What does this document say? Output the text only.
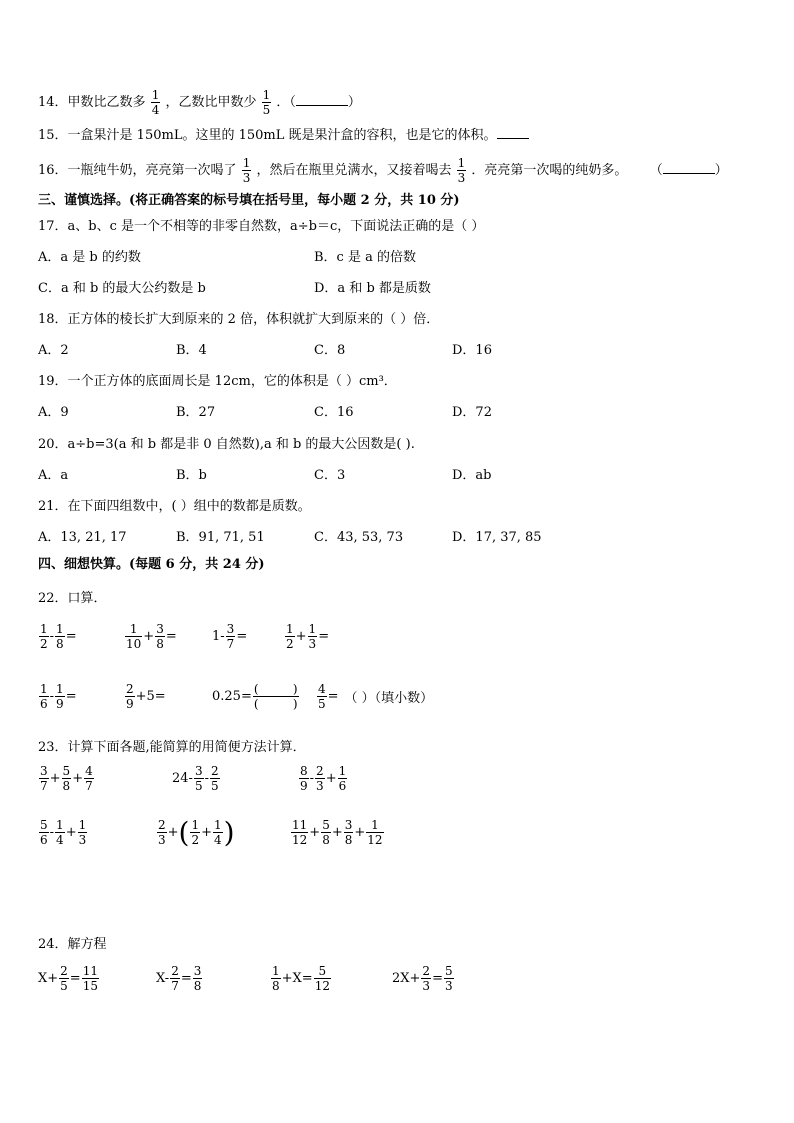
14．甲数比乙数多 $\frac{1}{4}$ ，乙数比甲数少 $\frac{1}{5}$ ．（	）
15．一盒果汁是 150mL。这里的 150mL 既是果汁盒的容积，也是它的体积。
16．一瓶纯牛奶，亮亮第一次喝了 $\frac{1}{3}$ ，然后在瓶里兑满水，又接着喝去 $\frac{1}{3}$ ．亮亮第一次喝的纯奶多。 （	）
三、谨慎选择。(将正确答案的标号填在括号里，每小题 2 分，共 10 分)
17．a、b、c 是一个不相等的非零自然数，a÷b＝c，下面说法正确的是（ ）
A．a 是 b 的约数	B．c 是 a 的倍数
C．a 和 b 的最大公约数是 b	D．a 和 b 都是质数
18．正方体的棱长扩大到原来的 2 倍，体积就扩大到原来的（ ）倍．
A．2	B．4	C．8	D．16
19．一个正方体的底面周长是 12cm，它的体积是（ ）cm³．
A．9	B．27	C．16	D．72
20．a÷b=3(a 和 b 都是非 0 自然数),a 和 b 的最大公因数是( ).
A．a	B．b	C．3	D．ab
21．在下面四组数中，( ）组中的数都是质数。
A．13, 21, 17	B．91, 71, 51	C．43, 53, 73	D．17, 37, 85
四、细想快算。(每题 6 分，共 24 分)
22．口算．
$\frac{1}{2} - \frac{1}{8}$ =	$\frac{1}{10} + \frac{3}{8}$ =	$1- \frac{3}{7}$ =	$\frac{1}{2} + \frac{1}{3}$ =
$\frac{1}{6} - \frac{1}{9}$ =	$\frac{2}{9} +5=$	$0.25= \frac{( )}{( )} \frac{4}{5}$ = （ ）（填小数）
23．计算下面各题,能简算的用简便方法计算．
$\frac{3}{7} + \frac{5}{8} + \frac{4}{7}$	$24- \frac{3}{5} - \frac{2}{5}$	$\frac{8}{9} - \frac{2}{3} + \frac{1}{6}$
$\frac{5}{6} - \frac{1}{4} + \frac{1}{3}$	$\frac{2}{3}$ + ( $\frac{1}{2} + \frac{1}{4}$ )	$\frac{11}{12} + \frac{5}{8} + \frac{3}{8} + \frac{1}{12}$
24．解方程
$X+ \frac{2}{5} = \frac{11}{15}$	$X- \frac{2}{7} = \frac{3}{8}$	$\frac{1}{8} +X= \frac{5}{12}$	$2X+ \frac{2}{3} = \frac{5}{3}$
